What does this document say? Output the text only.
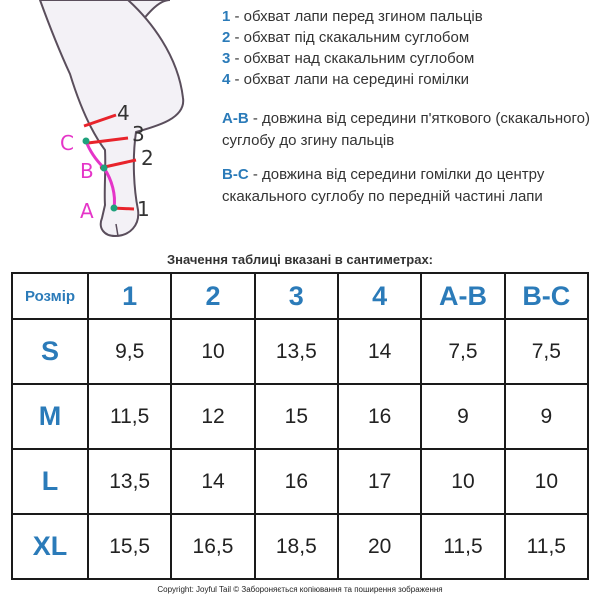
C
B
A
4
3
2
1
1 - обхват лапи перед згином пальців
2 - обхват під скакальним суглобом
3 - обхват над скакальним суглобом
4 - обхват лапи на середині гомілки
A-B - довжина від середини п'яткового (скакального) суглобу до згину пальців
B-C - довжина від середини гомілки до центру скакального суглобу по передній частині лапи
Значення таблиці вказані в сантиметрах:
Розмір	1	2	3	4	A-B	B-C
S	9,5	10	13,5	14	7,5	7,5
M	11,5	12	15	16	9	9
L	13,5	14	16	17	10	10
XL	15,5	16,5	18,5	20	11,5	11,5
Copyright: Joyful Tail © Забороняється копіювання та поширення зображення
